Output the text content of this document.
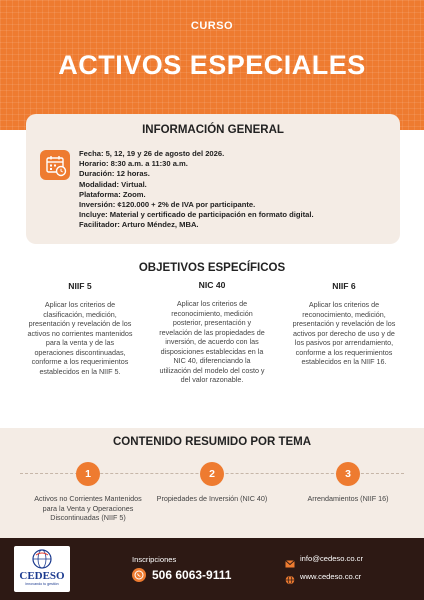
CURSO
ACTIVOS ESPECIALES
INFORMACIÓN GENERAL
Fecha: 5, 12, 19 y 26 de agosto del 2026.
Horario: 8:30 a.m. a 11:30 a.m.
Duración: 12 horas.
Modalidad: Virtual.
Plataforma: Zoom.
Inversión: ¢120.000 + 2% de IVA por participante.
Incluye: Material y certificado de participación en formato digital.
Facilitador: Arturo Méndez, MBA.
OBJETIVOS ESPECÍFICOS
NIIF 5
Aplicar los criterios de clasificación, medición, presentación y revelación de los activos no corrientes mantenidos para la venta y de las operaciones discontinuadas, conforme a los requerimientos establecidos en la NIIF 5.
NIC 40
Aplicar los criterios de reconocimiento, medición posterior, presentación y revelación de las propiedades de inversión, de acuerdo con las disposiciones establecidas en la NIC 40, diferenciando la utilización del modelo del costo y del valor razonable.
NIIF 6
Aplicar los criterios de reconocimiento, medición, presentación y revelación de los activos por derecho de uso y de los pasivos por arrendamiento, conforme a los requerimientos establecidos en la NIIF 16.
CONTENIDO RESUMIDO POR TEMA
1
Activos no Corrientes Mantenidos para la Venta y Operaciones Discontinuadas (NIIF 5)
2
Propiedades de Inversión (NIC 40)
3
Arrendamientos (NIIF 16)
CEDESO
Innovando tu gestión
Inscripciones
506 6063-9111
info@cedeso.co.cr
www.cedeso.co.cr
